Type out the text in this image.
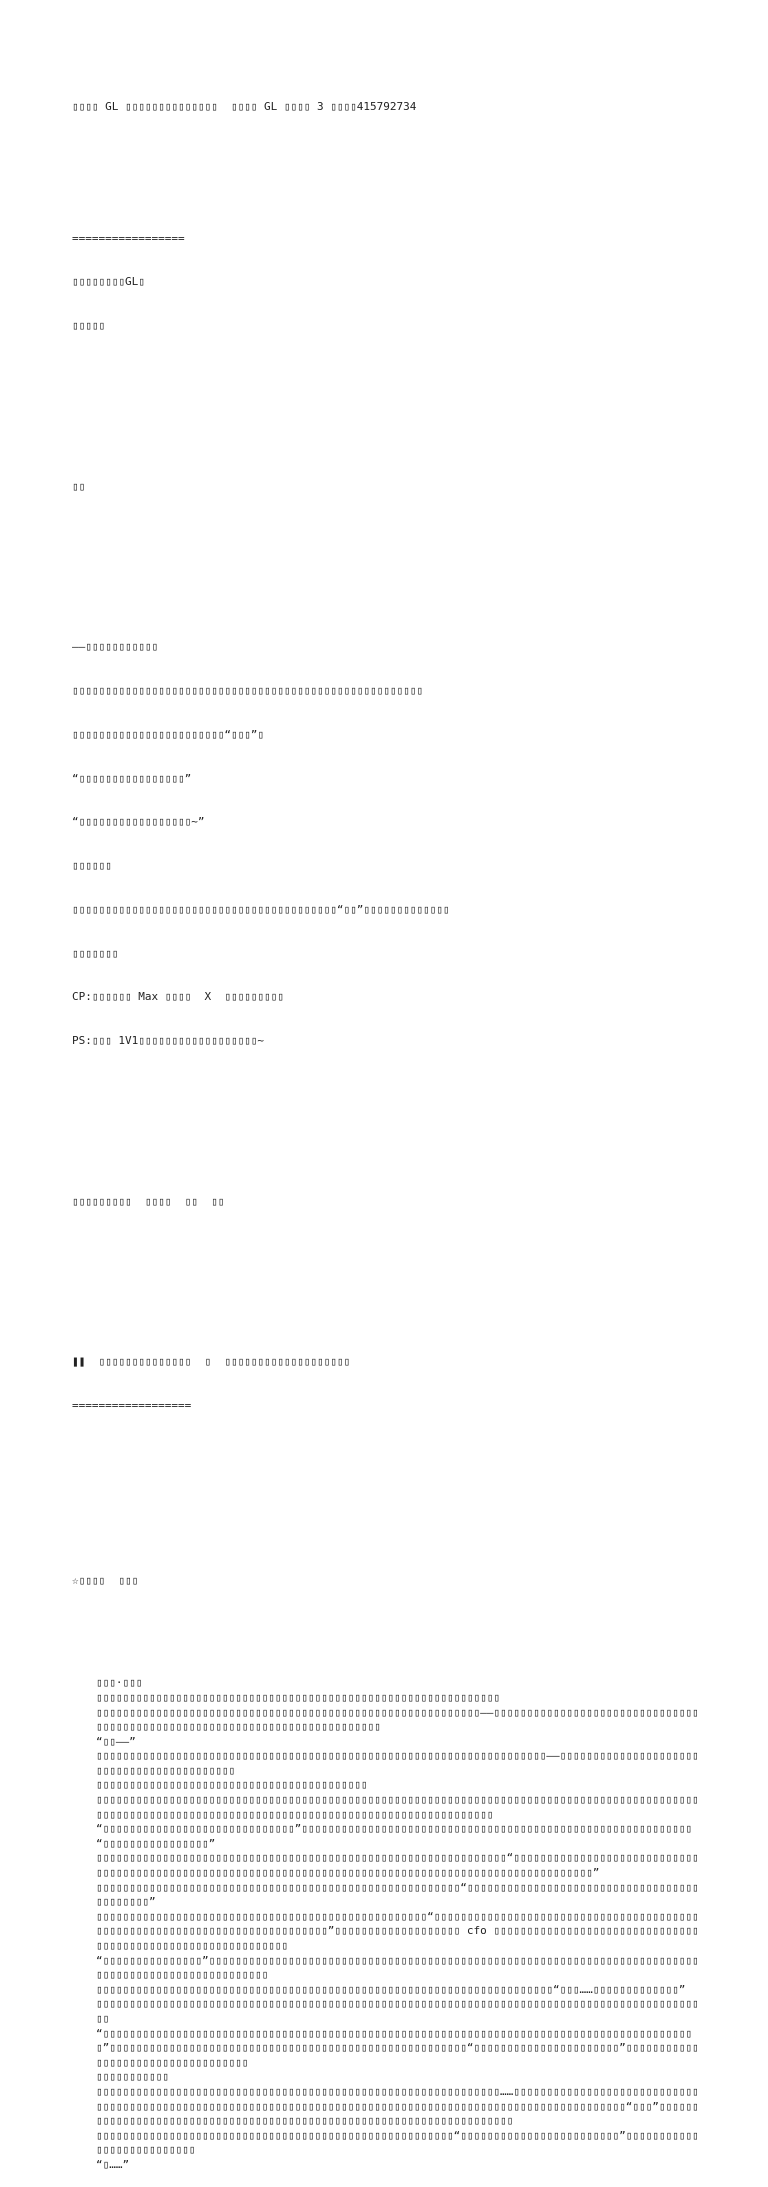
▯▯▯▯ GL ▯▯▯▯▯▯▯▯▯▯▯▯▯▯  ▯▯▯▯ GL ▯▯▯▯ 3 ▯▯▯▯415792734

=================

▯▯▯▯▯▯▯▯GL▯

▯▯▯▯▯

▯▯

——▯▯▯▯▯▯▯▯▯▯▯

▯▯▯▯▯▯▯▯▯▯▯▯▯▯▯▯▯▯▯▯▯▯▯▯▯▯▯▯▯▯▯▯▯▯▯▯▯▯▯▯▯▯▯▯▯▯▯▯▯▯▯▯▯

▯▯▯▯▯▯▯▯▯▯▯▯▯▯▯▯▯▯▯▯▯▯▯“▯▯▯”▯

“▯▯▯▯▯▯▯▯▯▯▯▯▯▯▯▯”

“▯▯▯▯▯▯▯▯▯▯▯▯▯▯▯▯▯~”

▯▯▯▯▯▯

▯▯▯▯▯▯▯▯▯▯▯▯▯▯▯▯▯▯▯▯▯▯▯▯▯▯▯▯▯▯▯▯▯▯▯▯▯▯▯▯“▯▯”▯▯▯▯▯▯▯▯▯▯▯▯▯

▯▯▯▯▯▯▯

CP:▯▯▯▯▯▯ Max ▯▯▯▯  X  ▯▯▯▯▯▯▯▯▯

PS:▯▯▯ 1V1▯▯▯▯▯▯▯▯▯▯▯▯▯▯▯▯▯▯~

▯▯▯▯▯▯▯▯▯  ▯▯▯▯  ▯▯  ▯▯

❚❚  ▯▯▯▯▯▯▯▯▯▯▯▯▯▯  ▯  ▯▯▯▯▯▯▯▯▯▯▯▯▯▯▯▯▯▯▯

==================

☆▯▯▯▯  ▯▯▯

▯▯▯·▯▯▯
▯▯▯▯▯▯▯▯▯▯▯▯▯▯▯▯▯▯▯▯▯▯▯▯▯▯▯▯▯▯▯▯▯▯▯▯▯▯▯▯▯▯▯▯▯▯▯▯▯▯▯▯▯▯▯▯▯▯▯▯▯
▯▯▯▯▯▯▯▯▯▯▯▯▯▯▯▯▯▯▯▯▯▯▯▯▯▯▯▯▯▯▯▯▯▯▯▯▯▯▯▯▯▯▯▯▯▯▯▯▯▯▯▯▯▯▯▯▯▯——▯▯▯▯▯▯▯▯▯▯▯▯▯▯▯▯▯▯▯▯▯▯▯▯▯▯▯▯▯▯▯▯▯▯▯▯▯▯▯▯▯▯▯▯▯▯▯▯▯▯▯▯▯▯▯▯▯▯▯▯▯▯▯▯▯▯▯▯▯▯▯▯▯▯
“▯▯——”
▯▯▯▯▯▯▯▯▯▯▯▯▯▯▯▯▯▯▯▯▯▯▯▯▯▯▯▯▯▯▯▯▯▯▯▯▯▯▯▯▯▯▯▯▯▯▯▯▯▯▯▯▯▯▯▯▯▯▯▯▯▯▯▯▯▯▯▯——▯▯▯▯▯▯▯▯▯▯▯▯▯▯▯▯▯▯▯▯▯▯▯▯▯▯▯▯▯▯▯▯▯▯▯▯▯▯▯▯▯▯
▯▯▯▯▯▯▯▯▯▯▯▯▯▯▯▯▯▯▯▯▯▯▯▯▯▯▯▯▯▯▯▯▯▯▯▯▯▯▯▯▯
▯▯▯▯▯▯▯▯▯▯▯▯▯▯▯▯▯▯▯▯▯▯▯▯▯▯▯▯▯▯▯▯▯▯▯▯▯▯▯▯▯▯▯▯▯▯▯▯▯▯▯▯▯▯▯▯▯▯▯▯▯▯▯▯▯▯▯▯▯▯▯▯▯▯▯▯▯▯▯▯▯▯▯▯▯▯▯▯▯▯▯▯▯▯▯▯▯▯▯▯▯▯▯▯▯▯▯▯▯▯▯▯▯▯▯▯▯▯▯▯▯▯▯▯▯▯▯▯▯▯▯▯▯▯▯▯▯▯▯▯▯▯▯▯▯▯▯▯▯▯▯
“▯▯▯▯▯▯▯▯▯▯▯▯▯▯▯▯▯▯▯▯▯▯▯▯▯▯▯▯▯”▯▯▯▯▯▯▯▯▯▯▯▯▯▯▯▯▯▯▯▯▯▯▯▯▯▯▯▯▯▯▯▯▯▯▯▯▯▯▯▯▯▯▯▯▯▯▯▯▯▯▯▯▯▯▯▯▯▯▯
“▯▯▯▯▯▯▯▯▯▯▯▯▯▯▯▯”
▯▯▯▯▯▯▯▯▯▯▯▯▯▯▯▯▯▯▯▯▯▯▯▯▯▯▯▯▯▯▯▯▯▯▯▯▯▯▯▯▯▯▯▯▯▯▯▯▯▯▯▯▯▯▯▯▯▯▯▯▯▯“▯▯▯▯▯▯▯▯▯▯▯▯▯▯▯▯▯▯▯▯▯▯▯▯▯▯▯▯▯▯▯▯▯▯▯▯▯▯▯▯▯▯▯▯▯▯▯▯▯▯▯▯▯▯▯▯▯▯▯▯▯▯▯▯▯▯▯▯▯▯▯▯▯▯▯▯▯▯▯▯▯▯▯▯▯▯▯▯▯▯▯▯▯▯▯▯▯▯▯▯▯▯▯”
▯▯▯▯▯▯▯▯▯▯▯▯▯▯▯▯▯▯▯▯▯▯▯▯▯▯▯▯▯▯▯▯▯▯▯▯▯▯▯▯▯▯▯▯▯▯▯▯▯▯▯▯▯▯▯“▯▯▯▯▯▯▯▯▯▯▯▯▯▯▯▯▯▯▯▯▯▯▯▯▯▯▯▯▯▯▯▯▯▯▯▯▯▯▯▯▯▯▯”
▯▯▯▯▯▯▯▯▯▯▯▯▯▯▯▯▯▯▯▯▯▯▯▯▯▯▯▯▯▯▯▯▯▯▯▯▯▯▯▯▯▯▯▯▯▯▯▯▯▯“▯▯▯▯▯▯▯▯▯▯▯▯▯▯▯▯▯▯▯▯▯▯▯▯▯▯▯▯▯▯▯▯▯▯▯▯▯▯▯▯▯▯▯▯▯▯▯▯▯▯▯▯▯▯▯▯▯▯▯▯▯▯▯▯▯▯▯▯▯▯▯▯▯▯▯”▯▯▯▯▯▯▯▯▯▯▯▯▯▯▯▯▯▯▯ cfo ▯▯▯▯▯▯▯▯▯▯▯▯▯▯▯▯▯▯▯▯▯▯▯▯▯▯▯▯▯▯▯▯▯▯▯▯▯▯▯▯▯▯▯▯▯▯▯▯▯▯▯▯▯▯▯▯▯▯▯▯
“▯▯▯▯▯▯▯▯▯▯▯▯▯▯▯”▯▯▯▯▯▯▯▯▯▯▯▯▯▯▯▯▯▯▯▯▯▯▯▯▯▯▯▯▯▯▯▯▯▯▯▯▯▯▯▯▯▯▯▯▯▯▯▯▯▯▯▯▯▯▯▯▯▯▯▯▯▯▯▯▯▯▯▯▯▯▯▯▯▯▯▯▯▯▯▯▯▯▯▯▯▯▯▯▯▯▯▯▯▯▯▯▯▯▯▯
▯▯▯▯▯▯▯▯▯▯▯▯▯▯▯▯▯▯▯▯▯▯▯▯▯▯▯▯▯▯▯▯▯▯▯▯▯▯▯▯▯▯▯▯▯▯▯▯▯▯▯▯▯▯▯▯▯▯▯▯▯▯▯▯▯▯▯▯▯“▯▯▯……▯▯▯▯▯▯▯▯▯▯▯▯▯”
▯▯▯▯▯▯▯▯▯▯▯▯▯▯▯▯▯▯▯▯▯▯▯▯▯▯▯▯▯▯▯▯▯▯▯▯▯▯▯▯▯▯▯▯▯▯▯▯▯▯▯▯▯▯▯▯▯▯▯▯▯▯▯▯▯▯▯▯▯▯▯▯▯▯▯▯▯▯▯▯▯▯▯▯▯▯▯▯▯▯▯▯▯
“▯▯▯▯▯▯▯▯▯▯▯▯▯▯▯▯▯▯▯▯▯▯▯▯▯▯▯▯▯▯▯▯▯▯▯▯▯▯▯▯▯▯▯▯▯▯▯▯▯▯▯▯▯▯▯▯▯▯▯▯▯▯▯▯▯▯▯▯▯▯▯▯▯▯▯▯▯▯▯▯▯▯▯▯▯▯▯▯▯▯”▯▯▯▯▯▯▯▯▯▯▯▯▯▯▯▯▯▯▯▯▯▯▯▯▯▯▯▯▯▯▯▯▯▯▯▯▯▯▯▯▯▯▯▯▯▯▯▯▯▯▯▯▯▯“▯▯▯▯▯▯▯▯▯▯▯▯▯▯▯▯▯▯▯▯▯▯”▯▯▯▯▯▯▯▯▯▯▯▯▯▯▯▯▯▯▯▯▯▯▯▯▯▯▯▯▯▯▯▯▯▯
▯▯▯▯▯▯▯▯▯▯▯
▯▯▯▯▯▯▯▯▯▯▯▯▯▯▯▯▯▯▯▯▯▯▯▯▯▯▯▯▯▯▯▯▯▯▯▯▯▯▯▯▯▯▯▯▯▯▯▯▯▯▯▯▯▯▯▯▯▯▯▯▯……▯▯▯▯▯▯▯▯▯▯▯▯▯▯▯▯▯▯▯▯▯▯▯▯▯▯▯▯▯▯▯▯▯▯▯▯▯▯▯▯▯▯▯▯▯▯▯▯▯▯▯▯▯▯▯▯▯▯▯▯▯▯▯▯▯▯▯▯▯▯▯▯▯▯▯▯▯▯▯▯▯▯▯▯▯▯▯▯▯▯▯▯▯▯▯▯▯▯▯▯▯▯▯▯▯▯▯▯“▯▯▯”▯▯▯▯▯▯▯▯▯▯▯▯▯▯▯▯▯▯▯▯▯▯▯▯▯▯▯▯▯▯▯▯▯▯▯▯▯▯▯▯▯▯▯▯▯▯▯▯▯▯▯▯▯▯▯▯▯▯▯▯▯▯▯▯▯▯▯▯▯
▯▯▯▯▯▯▯▯▯▯▯▯▯▯▯▯▯▯▯▯▯▯▯▯▯▯▯▯▯▯▯▯▯▯▯▯▯▯▯▯▯▯▯▯▯▯▯▯▯▯▯▯▯▯“▯▯▯▯▯▯▯▯▯▯▯▯▯▯▯▯▯▯▯▯▯▯▯▯”▯▯▯▯▯▯▯▯▯▯▯▯▯▯▯▯▯▯▯▯▯▯▯▯▯▯
“▯……”
